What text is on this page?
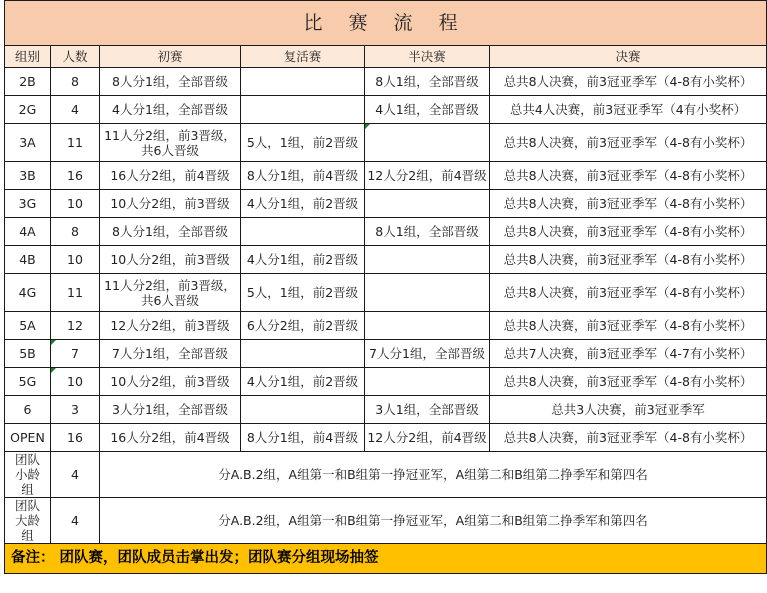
比 赛 流 程					
组别	人数	初赛	复活赛	半决赛	决赛
2B	8	8人分1组，全部晋级		8人1组，全部晋级	总共8人决赛，前3冠亚季军（4-8有小奖杯）
2G	4	4人分1组，全部晋级		4人1组，全部晋级	总共4人决赛，前3冠亚季军（4有小奖杯）
3A	11	11人分2组，前3晋级，共6人晋级	5人，1组，前2晋级		总共8人决赛，前3冠亚季军（4-8有小奖杯）
3B	16	16人分2组，前4晋级	8人分1组，前4晋级	12人分2组，前4晋级	总共8人决赛，前3冠亚季军（4-8有小奖杯）
3G	10	10人分2组，前3晋级	4人分1组，前2晋级		总共8人决赛，前3冠亚季军（4-8有小奖杯）
4A	8	8人分1组，全部晋级		8人1组，全部晋级	总共8人决赛，前3冠亚季军（4-8有小奖杯）
4B	10	10人分2组，前3晋级	4人分1组，前2晋级		总共8人决赛，前3冠亚季军（4-8有小奖杯）
4G	11	11人分2组，前3晋级，共6人晋级	5人，1组，前2晋级		总共8人决赛，前3冠亚季军（4-8有小奖杯）
5A	12	12人分2组，前3晋级	6人分2组，前2晋级		总共8人决赛，前3冠亚季军（4-8有小奖杯）
5B	7	7人分1组，全部晋级		7人分1组，全部晋级	总共7人决赛，前3冠亚季军（4-7有小奖杯）
5G	10	10人分2组，前3晋级	4人分1组，前2晋级		总共8人决赛，前3冠亚季军（4-8有小奖杯）
6	3	3人分1组，全部晋级		3人1组，全部晋级	总共3人决赛，前3冠亚季军
OPEN	16	16人分2组，前4晋级	8人分1组，前4晋级	12人分2组，前4晋级	总共8人决赛，前3冠亚季军（4-8有小奖杯）
团队小龄组	4	分A.B.2组，A组第一和B组第一挣冠亚军，A组第二和B组第二挣季军和第四名			
团队大龄组	4	分A.B.2组，A组第一和B组第一挣冠亚军，A组第二和B组第二挣季军和第四名			
备注： 团队赛，团队成员击掌出发；团队赛分组现场抽签					
